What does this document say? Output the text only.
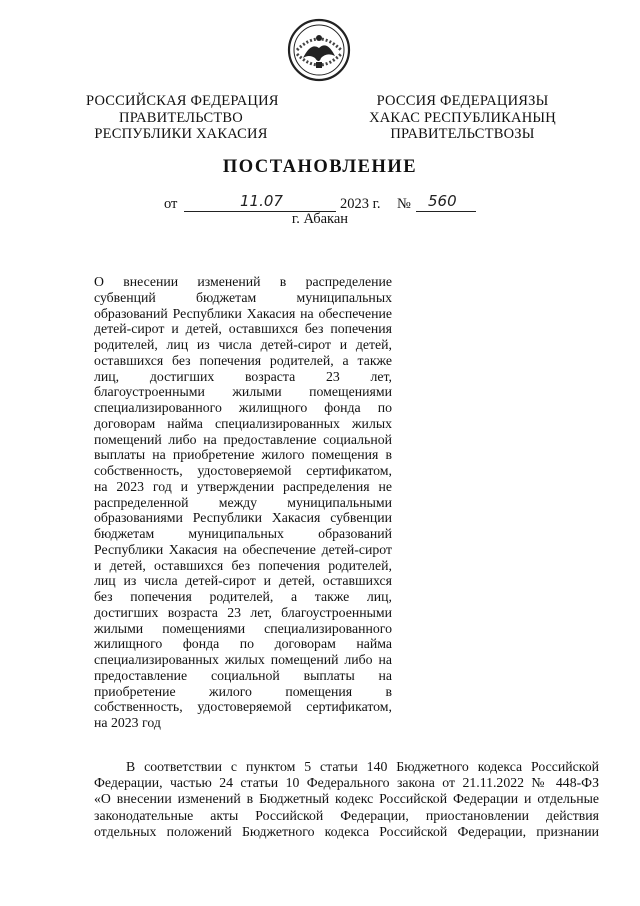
РОССИЙСКАЯ ФЕДЕРАЦИЯ
ПРАВИТЕЛЬСТВО
РЕСПУБЛИКИ ХАКАСИЯ
РОССИЯ ФЕДЕРАЦИЯЗЫ
ХАКАС РЕСПУБЛИКАНЫҢ
ПРАВИТЕЛЬСТВОЗЫ
ПОСТАНОВЛЕНИЕ
от	11.07	2023 г. № 560
г. Абакан
О внесении изменений в распределение
субвенций бюджетам муниципальных
образований Республики Хакасия на обеспечение
детей-сирот и детей, оставшихся без попечения
родителей, лиц из числа детей-сирот и детей,
оставшихся без попечения родителей, а также
лиц, достигших возраста 23 лет,
благоустроенными жилыми помещениями
специализированного жилищного фонда по
договорам найма специализированных жилых
помещений либо на предоставление социальной
выплаты на приобретение жилого помещения в
собственность, удостоверяемой сертификатом,
на 2023 год и утверждении распределения не
распределенной между муниципальными
образованиями Республики Хакасия субвенции
бюджетам муниципальных образований
Республики Хакасия на обеспечение детей-сирот
и детей, оставшихся без попечения родителей,
лиц из числа детей-сирот и детей, оставшихся
без попечения родителей, а также лиц,
достигших возраста 23 лет, благоустроенными
жилыми помещениями специализированного
жилищного фонда по договорам найма
специализированных жилых помещений либо на
предоставление социальной выплаты на
приобретение жилого помещения в
собственность, удостоверяемой сертификатом,
на 2023 год
В соответствии с пунктом 5 статьи 140 Бюджетного кодекса Российской
Федерации, частью 24 статьи 10 Федерального закона от 21.11.2022 № 448-ФЗ
«О внесении изменений в Бюджетный кодекс Российской Федерации и отдельные
законодательные акты Российской Федерации, приостановлении действия
отдельных положений Бюджетного кодекса Российской Федерации, признании
